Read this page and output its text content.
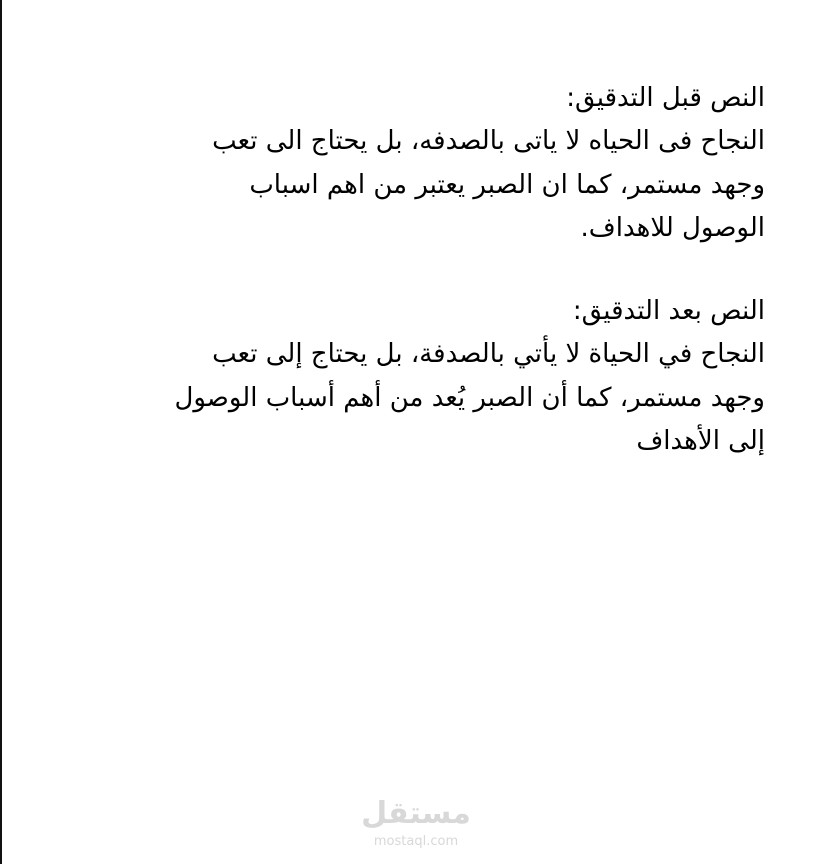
النص قبل التدقيق:
النجاح فى الحياه لا ياتى بالصدفه، بل يحتاج الى تعب
وجهد مستمر، كما ان الصبر يعتبر من اهم اسباب
الوصول للاهداف.
النص بعد التدقيق:
النجاح في الحياة لا يأتي بالصدفة، بل يحتاج إلى تعب
وجهد مستمر، كما أن الصبر يُعد من أهم أسباب الوصول
إلى الأهداف
مستقل
mostaql.com
